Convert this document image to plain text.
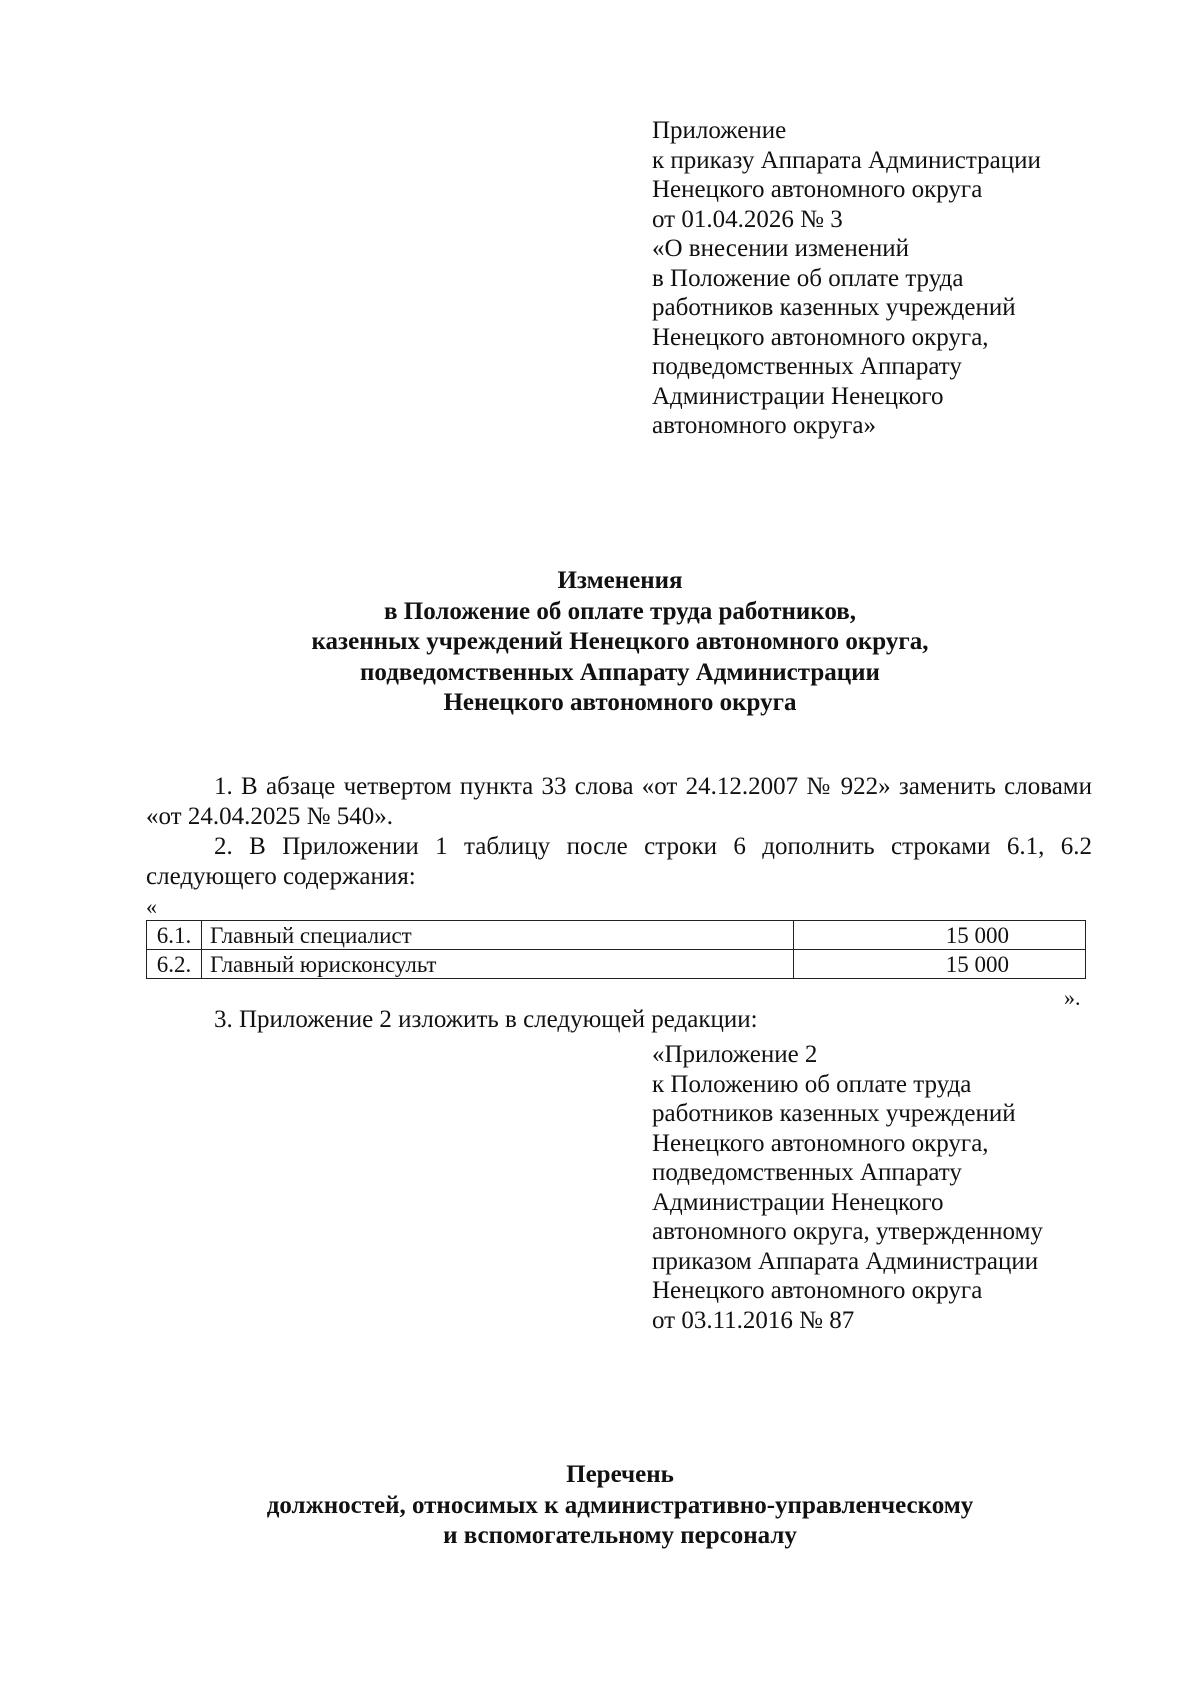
Приложение
к приказу Аппарата Администрации
Ненецкого автономного округа
от 01.04.2026 № 3
«О внесении изменений
в Положение об оплате труда
работников казенных учреждений
Ненецкого автономного округа,
подведомственных Аппарату
Администрации Ненецкого
автономного округа»
Изменения
в Положение об оплате труда работников,
казенных учреждений Ненецкого автономного округа,
подведомственных Аппарату Администрации
Ненецкого автономного округа
1. В абзаце четвертом пункта 33 слова «от 24.12.2007 № 922» заменить словами «от 24.04.2025 № 540».
2. В Приложении 1 таблицу после строки 6 дополнить строками 6.1, 6.2 следующего содержания:
«
6.1.	Главный специалист	15 000
6.2.	Главный юрисконсульт	15 000
».
3. Приложение 2 изложить в следующей редакции:
«Приложение 2
к Положению об оплате труда
работников казенных учреждений
Ненецкого автономного округа,
подведомственных Аппарату
Администрации Ненецкого
автономного округа, утвержденному
приказом Аппарата Администрации
Ненецкого автономного округа
от 03.11.2016 № 87
Перечень
должностей, относимых к административно-управленческому
и вспомогательному персоналу
